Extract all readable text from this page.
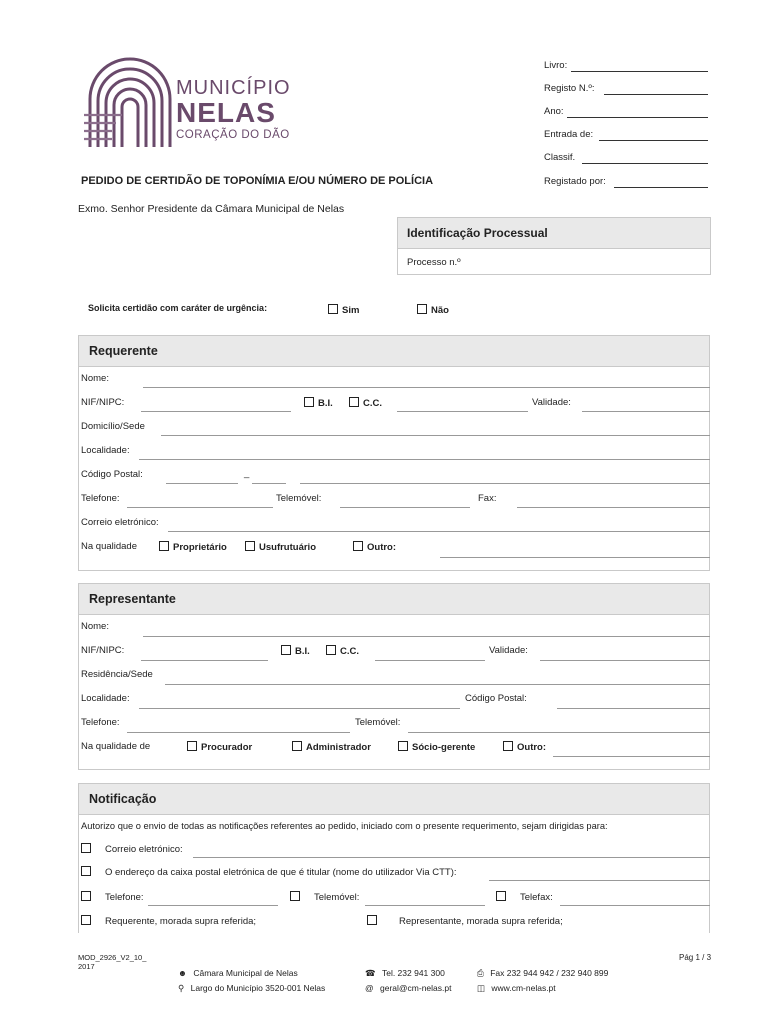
MUNICÍPIO
NELAS
CORAÇÃO DO DÃO
Livro:
Registo N.º:
Ano:
Entrada de:
Classif.
Registado por:
PEDIDO DE CERTIDÃO DE TOPONÍMIA E/OU NÚMERO DE POLÍCIA
Exmo. Senhor Presidente da Câmara Municipal de Nelas
Identificação Processual
Processo n.º
Solicita certidão com caráter de urgência:	Sim	Não
Requerente
Nome:
NIF/NIPC:	B.I.	C.C.	Validade:
Domicílio/Sede
Localidade:
Código Postal:	_
Telefone:	Telemóvel:	Fax:
Correio eletrónico:
Na qualidade	Proprietário	Usufrutuário	Outro:
Representante
Nome:
NIF/NIPC:	B.I.	C.C.	Validade:
Residência/Sede
Localidade:	Código Postal:
Telefone:	Telemóvel:
Na qualidade de	Procurador	Administrador	Sócio-gerente	Outro:
Notificação
Autorizo que o envio de todas as notificações referentes ao pedido, iniciado com o presente requerimento, sejam dirigidas para:
Correio eletrónico:
O endereço da caixa postal eletrónica de que é titular (nome do utilizador Via CTT):
Telefone:	Telemóvel:	Telefax:
Requerente, morada supra referida;	Representante, morada supra referida;
MOD_2926_V2_10_
2017
Pág 1 / 3
☻ Câmara Municipal de Nelas
⚲ Largo do Município 3520-001 Nelas
☎ Tel. 232 941 300
@ geral@cm-nelas.pt
⎙ Fax 232 944 942 / 232 940 899
◫ www.cm-nelas.pt
